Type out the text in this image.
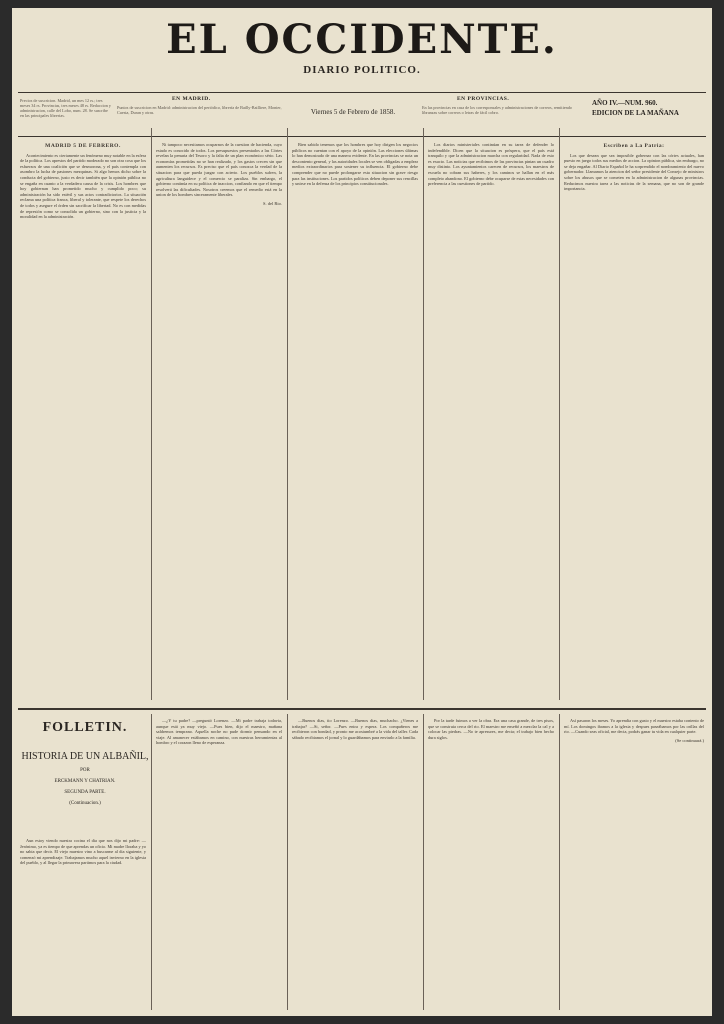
EL OCCIDENTE.
DIARIO POLITICO.
Precios de suscricion. Madrid, un mes 12 rs.; tres meses 34 rs. Provincias, tres meses 48 rs. Redaccion y administracion, calle del Lobo, num. 28. Se suscribe en las principales librerias.
EN MADRID.
Puntos de suscricion en Madrid: administracion del periódico, librería de Bailly-Bailliere, Monier, Cuesta, Duran y otras.	Viernes 5 de Febrero de 1858.
EN PROVINCIAS.
En las provincias en casa de los corresponsales y administraciones de correos, remitiendo libranzas sobre correos o letras de fácil cobro.
AÑO IV.—NUM. 960.
EDICION DE LA MAÑANA
MADRID 5 DE FEBRERO.

Acontecimiento es ciertamente un fenómeno muy notable en la esfera de la política. Los aprestos del partido moderado no son otra cosa que los esfuerzos de una coalición que se desmorona, y el país contempla con asombro la lucha de pasiones mezquinas. Si algo hemos dicho sobre la conducta del gobierno, justo es decir también que la opinión pública no se engaña en cuanto a la verdadera causa de la crisis. Los hombres que hoy gobiernan han prometido mucho y cumplido poco; su administración ha sido estéril y sus actos contradictorios. La situación reclama una política franca, liberal y tolerante, que respete los derechos de todos y asegure el órden sin sacrificar la libertad. No es con medidas de represión como se consolida un gobierno, sino con la justicia y la moralidad en la administración.

Ni tampoco necesitamos ocuparnos de la cuestion de hacienda, cuyo estado es conocido de todos. Los presupuestos presentados a las Córtes revelan la penuria del Tesoro y la falta de un plan económico sério. Las economías prometidas no se han realizado, y los gastos crecen sin que aumenten los recursos. Es preciso que el país conozca la verdad de la situacion para que pueda juzgar con acierto. Los pueblos sufren, la agricultura languidece y el comercio se paraliza. Sin embargo, el gobierno continúa en su política de inaccion, confiando en que el tiempo resolverá las dificultades. Nosotros creemos que el remedio está en la union de los hombres sinceramente liberales.

S. del Rio.

Bien sabido tenemos que los hombres que hoy dirigen los negocios públicos no cuentan con el apoyo de la opinión. Las elecciones últimas lo han demostrado de una manera evidente. En las provincias se nota un descontento general, y las autoridades locales se ven obligadas a emplear medios extraordinarios para sostener su influencia. El gobierno debe comprender que no puede prolongarse esta situacion sin grave riesgo para las instituciones. Los partidos políticos deben deponer sus rencillas y unirse en la defensa de los principios constitucionales.

Los diarios ministeriales continúan en su tarea de defender lo indefendible. Dicen que la situacion es próspera, que el país está tranquilo y que la administracion marcha con regularidad. Nada de esto es exacto. Las noticias que recibimos de las provincias pintan un cuadro muy distinto. Los ayuntamientos carecen de recursos, los maestros de escuela no cobran sus haberes, y los caminos se hallan en el más completo abandono. El gobierno debe ocuparse de estas necesidades con preferencia a las cuestiones de partido.

Escriben a La Patria:

Los que desean que sea imposible gobernar con las córtes actuales, han puesto en juego todos sus medios de accion. La opinion pública, sin embargo, no se deja engañar. Al Diario Español le ha sorprendido el nombramiento del nuevo gobernador. Llamamos la atencion del señor presidente del Consejo de ministros sobre los abusos que se cometen en la administracion de algunas provincias. Reducimos nuestra tarea a las noticias de la semana, que no son de grande importancia.

FOLLETIN.
HISTORIA DE UN ALBAÑIL,
POR
ERCKMANN Y CHATRIAN.
SEGUNDA PARTE.
(Continuacion.)

Aun estoy viendo nuestra cocina el dia que nos dijo mi padre: —Jerónimo, ya es tiempo de que aprendas un oficio. Mi madre lloraba y yo no sabia que decir. El viejo maestro vino a buscarme al dia siguiente, y comenzó mi aprendizaje. Trabajamos mucho aquel invierno en la iglesia del pueblo, y al llegar la primavera partimos para la ciudad.

—¿Y tu padre? —preguntó Lorenzo. —Mi padre trabaja todavia, aunque está ya muy viejo. —Pues bien, dijo el maestro, mañana saldremos temprano. Aquella noche no pude dormir pensando en el viaje. Al amanecer estábamos en camino, con nuestras herramientas al hombro y el corazon lleno de esperanza.

—Buenos dias, tio Lorenzo. —Buenos dias, muchacho. ¿Vienes a trabajar? —Si, señor. —Pues entra y espera. Los compañeros me recibieron con bondad, y pronto me acostumbré a la vida del taller. Cada sábado recibiamos el jornal y lo guardábamos para enviarlo a la familia.

Por la tarde fuimos a ver la obra. Era una casa grande, de tres pisos, que se construia cerca del rio. El maestro me enseñó a mezclar la cal y a colocar las piedras. —No te apresures, me decia; el trabajo bien hecho dura siglos.

Así pasaron los meses. Yo aprendia con gusto y el maestro estaba contento de mí. Los domingos ibamos a la iglesia y despues paseábamos por las orillas del rio. —Cuando seas oficial, me decia, podrás ganar tu vida en cualquier parte.

(Se continuará.)
